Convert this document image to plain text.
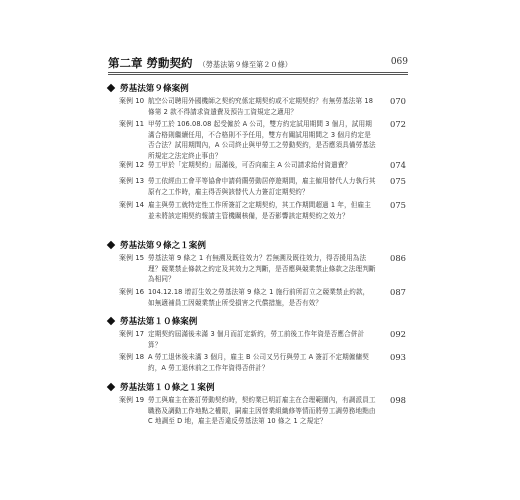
第二章 勞動契約 （勞基法第９條至第２０條）	069
勞基法第９條案例
案例 10 航空公司聘用外國機師之契約究係定期契約或不定期契約？有無勞基法第 18 條第 2 款不得請求資遣費及預告工資規定之適用？
070
案例 11 甲勞工於 106.08.08 起受僱於 A 公司，雙方約定試用期間 3 個月，試用期滿合格則繼續任用，不合格則不予任用，雙方有關試用期間之 3 個月約定是否合法？試用期間內，A 公司終止與甲勞工之勞動契約，是否應須具備勞基法所規定之法定終止事由？
072
案例 12 勞工甲於「定期契約」屆滿後，可否向雇主 A 公司請求給付資遣費？	074
案例 13 勞工依經由工會平等協會申請荷蘭勞動居停遊期間，雇主僱用替代人力執行其原有之工作時，雇主得否與該替代人力簽訂定期契約？
075
案例 14 雇主與勞工就特定性工作所簽訂之定期契約，其工作期間超過 1 年，但雇主並未將該定期契約報請主管機關核備，是否影響該定期契約之效力？
075
勞基法第９條之１案例
案例 15 勞基法第 9 條之 1 有無溯及既往效力？若無溯及既往效力，得否援用為法理？競業禁止條款之約定及其效力之判斷，是否應與競業禁止條款之法理判斷為相同？
086
案例 16 104.12.18 增訂生效之勞基法第 9 條之 1 施行前所訂立之競業禁止約款，如無適補員工因競業禁止所受損害之代償措施，是否有效？
087
勞基法第１０條案例
案例 17 定期契約屆滿後未滿 3 個月而訂定新約，勞工前後工作年資是否應合併計算？
092
案例 18 A 勞工退休後未滿 3 個月，雇主 B 公司又另行與勞工 A 簽訂不定期僱傭契約，A 勞工退休前之工作年資得否併計？
093
勞基法第１０條之１案例
案例 19 勞工與雇主在簽訂勞動契約時，契約業已明訂雇主在合理範圍內，有調派員工職務及調動工作地點之權限，嗣雇主因營業組織修等情而將勞工調勞務地點由 C 地調至 D 地，雇主是否違反勞基法第 10 條之 1 之規定？
098
